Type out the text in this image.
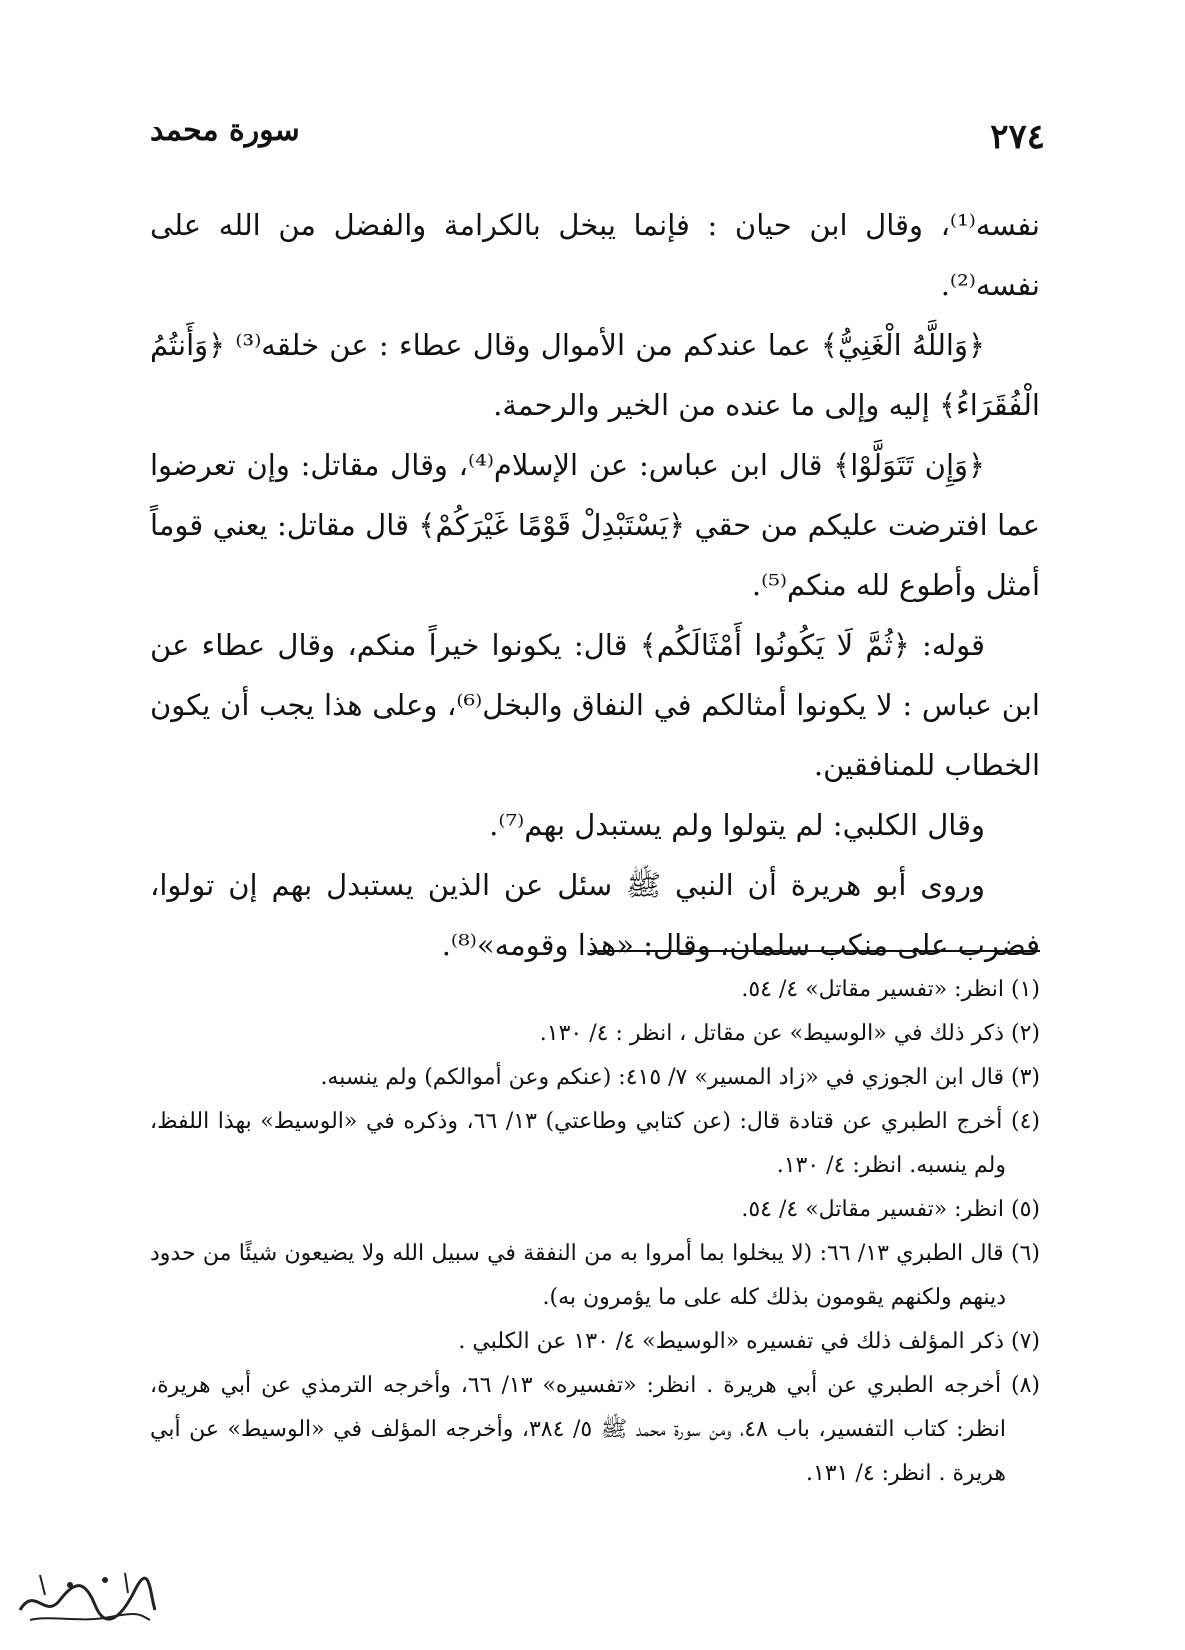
٢٧٤
سورة محمد

نفسه⁽¹⁾، وقال ابن حيان : فإنما يبخل بالكرامة والفضل من الله على نفسه⁽²⁾.

﴿وَاللَّهُ الْغَنِيُّ﴾ عما عندكم من الأموال وقال عطاء : عن خلقه⁽³⁾ ﴿وَأَنتُمُ الْفُقَرَاءُ﴾ إليه وإلى ما عنده من الخير والرحمة.

﴿وَإِن تَتَوَلَّوْا﴾ قال ابن عباس: عن الإسلام⁽⁴⁾، وقال مقاتل: وإن تعرضوا عما افترضت عليكم من حقي ﴿يَسْتَبْدِلْ قَوْمًا غَيْرَكُمْ﴾ قال مقاتل: يعني قوماً أمثل وأطوع لله منكم⁽⁵⁾.

قوله: ﴿ثُمَّ لَا يَكُونُوا أَمْثَالَكُم﴾ قال: يكونوا خيراً منكم، وقال عطاء عن ابن عباس : لا يكونوا أمثالكم في النفاق والبخل⁽⁶⁾، وعلى هذا يجب أن يكون الخطاب للمنافقين.

وقال الكلبي: لم يتولوا ولم يستبدل بهم⁽⁷⁾.

وروى أبو هريرة أن النبي ﷺ سئل عن الذين يستبدل بهم إن تولوا، فضرب على منكب سلمان، وقال: «هذا وقومه»⁽⁸⁾.

(١) انظر: «تفسير مقاتل» ٤/ ٥٤.

(٢) ذكر ذلك في «الوسيط» عن مقاتل ، انظر : ٤/ ١٣٠.

(٣) قال ابن الجوزي في «زاد المسير» ٧/ ٤١٥: (عنكم وعن أموالكم) ولم ينسبه.

(٤) أخرج الطبري عن قتادة قال: (عن كتابي وطاعتي) ١٣/ ٦٦، وذكره في «الوسيط» بهذا اللفظ، ولم ينسبه. انظر: ٤/ ١٣٠.

(٥) انظر: «تفسير مقاتل» ٤/ ٥٤.

(٦) قال الطبري ١٣/ ٦٦: (لا يبخلوا بما أمروا به من النفقة في سبيل الله ولا يضيعون شيئًا من حدود دينهم ولكنهم يقومون بذلك كله على ما يؤمرون به).

(٧) ذكر المؤلف ذلك في تفسيره «الوسيط» ٤/ ١٣٠ عن الكلبي .

(٨) أخرجه الطبري عن أبي هريرة . انظر: «تفسيره» ١٣/ ٦٦، وأخرجه الترمذي عن أبي هريرة، انظر: كتاب التفسير، باب ٤٨، ومن سورة محمد ﷺ ٥/ ٣٨٤، وأخرجه المؤلف في «الوسيط» عن أبي هريرة . انظر: ٤/ ١٣١.
